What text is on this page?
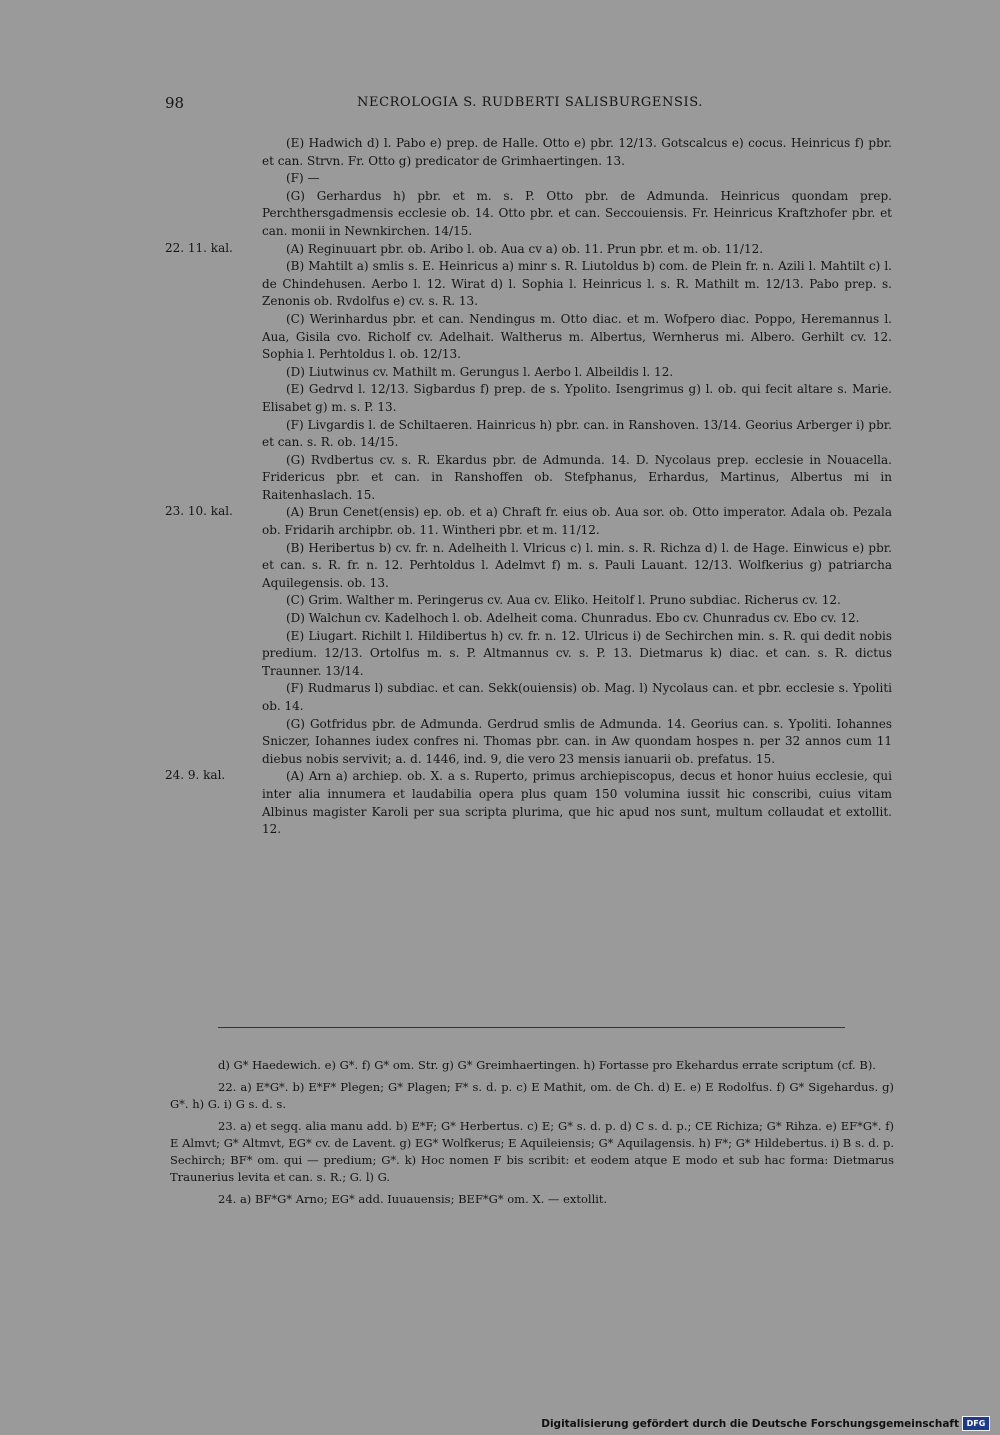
98	NECROLOGIA S. RUDBERTI SALISBURGENSIS.

(E) Hadwich d) l. Pabo e) prep. de Halle. Otto e) pbr. 12/13. Gotscalcus e) cocus. Heinricus f) pbr. et can. Strvn. Fr. Otto g) predicator de Grimhaertingen. 13.

(F) —

(G) Gerhardus h) pbr. et m. s. P. Otto pbr. de Admunda. Heinricus quondam prep. Perchthersgadmensis ecclesie ob. 14. Otto pbr. et can. Seccouiensis. Fr. Heinricus Kraftzhofer pbr. et can. monii in Newnkirchen. 14/15.

22. 11. kal.	(A) Reginuuart pbr. ob. Aribo l. ob. Aua cv a) ob. 11. Prun pbr. et m. ob. 11/12.

(B) Mahtilt a) smlis s. E. Heinricus a) minr s. R. Liutoldus b) com. de Plein fr. n. Azili l. Mahtilt c) l. de Chindehusen. Aerbo l. 12. Wirat d) l. Sophia l. Heinricus l. s. R. Mathilt m. 12/13. Pabo prep. s. Zenonis ob. Rvdolfus e) cv. s. R. 13.

(C) Werinhardus pbr. et can. Nendingus m. Otto diac. et m. Wofpero diac. Poppo, Heremannus l. Aua, Gisila cvo. Richolf cv. Adelhait. Waltherus m. Albertus, Wernherus mi. Albero. Gerhilt cv. 12. Sophia l. Perhtoldus l. ob. 12/13.

(D) Liutwinus cv. Mathilt m. Gerungus l. Aerbo l. Albeildis l. 12.

(E) Gedrvd l. 12/13. Sigbardus f) prep. de s. Ypolito. Isengrimus g) l. ob. qui fecit altare s. Marie. Elisabet g) m. s. P. 13.

(F) Livgardis l. de Schiltaeren. Hainricus h) pbr. can. in Ranshoven. 13/14. Georius Arberger i) pbr. et can. s. R. ob. 14/15.

(G) Rvdbertus cv. s. R. Ekardus pbr. de Admunda. 14. D. Nycolaus prep. ecclesie in Nouacella. Fridericus pbr. et can. in Ranshoffen ob. Stefphanus, Erhardus, Martinus, Albertus mi in Raitenhaslach. 15.

23. 10. kal.	(A) Brun Cenet(ensis) ep. ob. et a) Chraft fr. eius ob. Aua sor. ob. Otto imperator. Adala ob. Pezala ob. Fridarih archipbr. ob. 11. Wintheri pbr. et m. 11/12.

(B) Heribertus b) cv. fr. n. Adelheith l. Vlricus c) l. min. s. R. Richza d) l. de Hage. Einwicus e) pbr. et can. s. R. fr. n. 12. Perhtoldus l. Adelmvt f) m. s. Pauli Lauant. 12/13. Wolfkerius g) patriarcha Aquilegensis. ob. 13.

(C) Grim. Walther m. Peringerus cv. Aua cv. Eliko. Heitolf l. Pruno subdiac. Richerus cv. 12.

(D) Walchun cv. Kadelhoch l. ob. Adelheit coma. Chunradus. Ebo cv. Chunradus cv. Ebo cv. 12.

(E) Liugart. Richilt l. Hildibertus h) cv. fr. n. 12. Ulricus i) de Sechirchen min. s. R. qui dedit nobis predium. 12/13. Ortolfus m. s. P. Altmannus cv. s. P. 13. Dietmarus k) diac. et can. s. R. dictus Traunner. 13/14.

(F) Rudmarus l) subdiac. et can. Sekk(ouiensis) ob. Mag. l) Nycolaus can. et pbr. ecclesie s. Ypoliti ob. 14.

(G) Gotfridus pbr. de Admunda. Gerdrud smlis de Admunda. 14. Georius can. s. Ypoliti. Iohannes Sniczer, Iohannes iudex confres ni. Thomas pbr. can. in Aw quondam hospes n. per 32 annos cum 11 diebus nobis servivit; a. d. 1446, ind. 9, die vero 23 mensis ianuarii ob. prefatus. 15.

24. 9. kal.	(A) Arn a) archiep. ob. X. a s. Ruperto, primus archiepiscopus, decus et honor huius ecclesie, qui inter alia innumera et laudabilia opera plus quam 150 volumina iussit hic conscribi, cuius vitam Albinus magister Karoli per sua scripta plurima, que hic apud nos sunt, multum collaudat et extollit. 12.

d) G* Haedewich. e) G*. f) G* om. Str. g) G* Greimhaertingen. h) Fortasse pro Ekehardus errate scriptum (cf. B).

22. a) E*G*. b) E*F* Plegen; G* Plagen; F* s. d. p. c) E Mathit, om. de Ch. d) E. e) E Rodolfus. f) G* Sigehardus. g) G*. h) G. i) G s. d. s.

23. a) et segq. alia manu add. b) E*F; G* Herbertus. c) E; G* s. d. p. d) C s. d. p.; CE Richiza; G* Rihza. e) EF*G*. f) E Almvt; G* Altmvt, EG* cv. de Lavent. g) EG* Wolfkerus; E Aquileiensis; G* Aquilagensis. h) F*; G* Hildebertus. i) B s. d. p. Sechirch; BF* om. qui — predium; G*. k) Hoc nomen F bis scribit: et eodem atque E modo et sub hac forma: Dietmarus Traunerius levita et can. s. R.; G. l) G.

24. a) BF*G* Arno; EG* add. Iuuauensis; BEF*G* om. X. — extollit.

Digitalisierung gefördert durch die Deutsche Forschungsgemeinschaft DFG
